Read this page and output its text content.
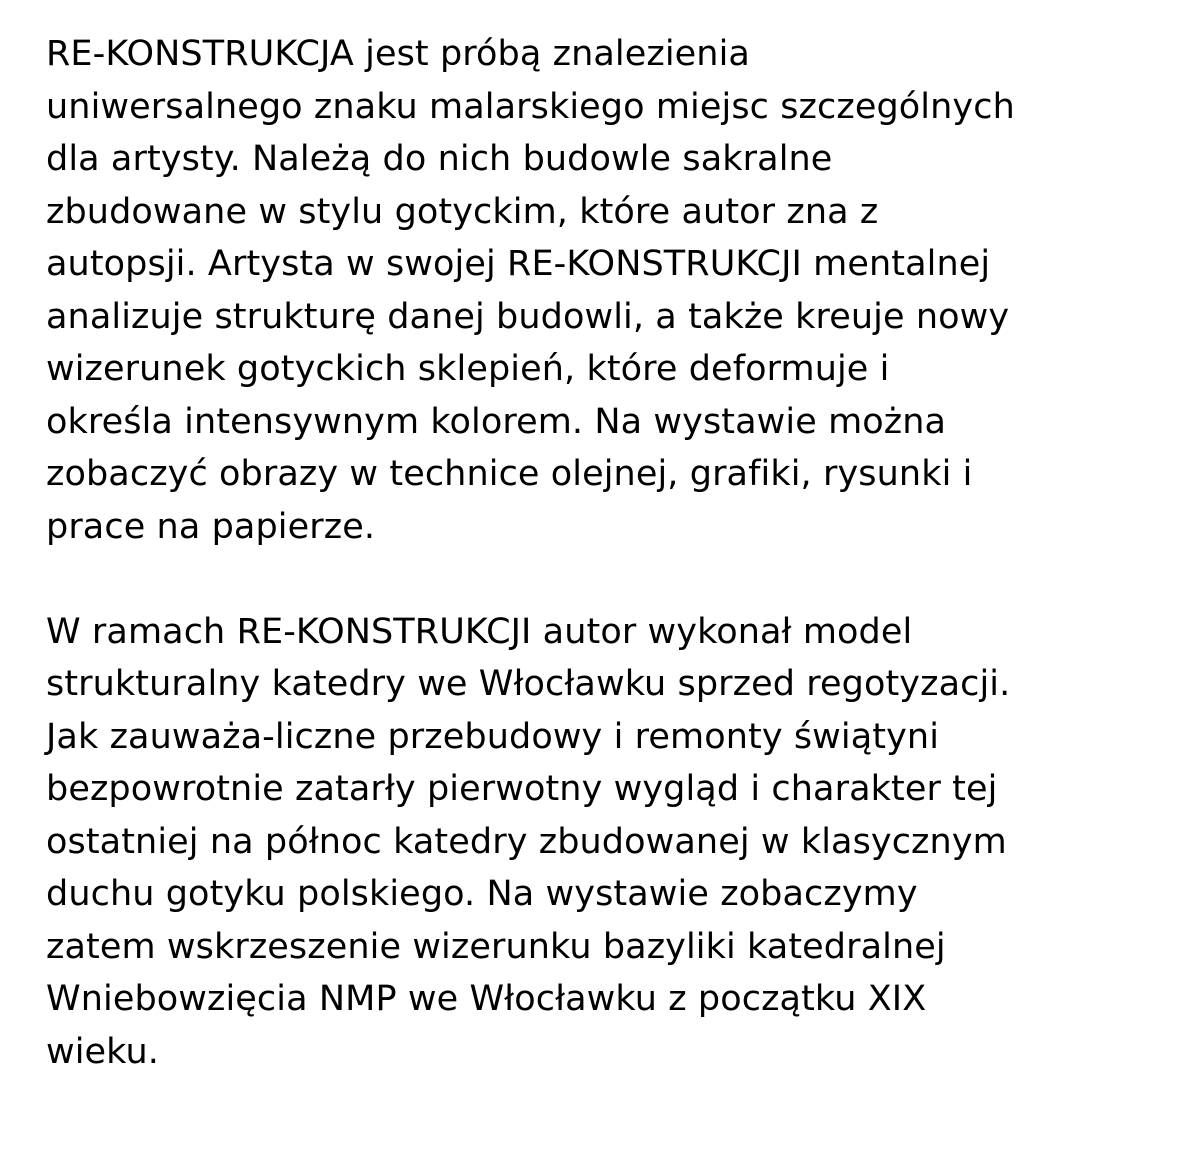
RE-KONSTRUKCJA jest próbą znalezienia
uniwersalnego znaku malarskiego miejsc szczególnych
dla artysty. Należą do nich budowle sakralne
zbudowane w stylu gotyckim, które autor zna z
autopsji. Artysta w swojej RE-KONSTRUKCJI mentalnej
analizuje strukturę danej budowli, a także kreuje nowy
wizerunek gotyckich sklepień, które deformuje i
określa intensywnym kolorem. Na wystawie można
zobaczyć obrazy w technice olejnej, grafiki, rysunki i
prace na papierze.
W ramach RE-KONSTRUKCJI autor wykonał model
strukturalny katedry we Włocławku sprzed regotyzacji.
Jak zauważa-liczne przebudowy i remonty świątyni
bezpowrotnie zatarły pierwotny wygląd i charakter tej
ostatniej na północ katedry zbudowanej w klasycznym
duchu gotyku polskiego. Na wystawie zobaczymy
zatem wskrzeszenie wizerunku bazyliki katedralnej
Wniebowzięcia NMP we Włocławku z początku XIX
wieku.
